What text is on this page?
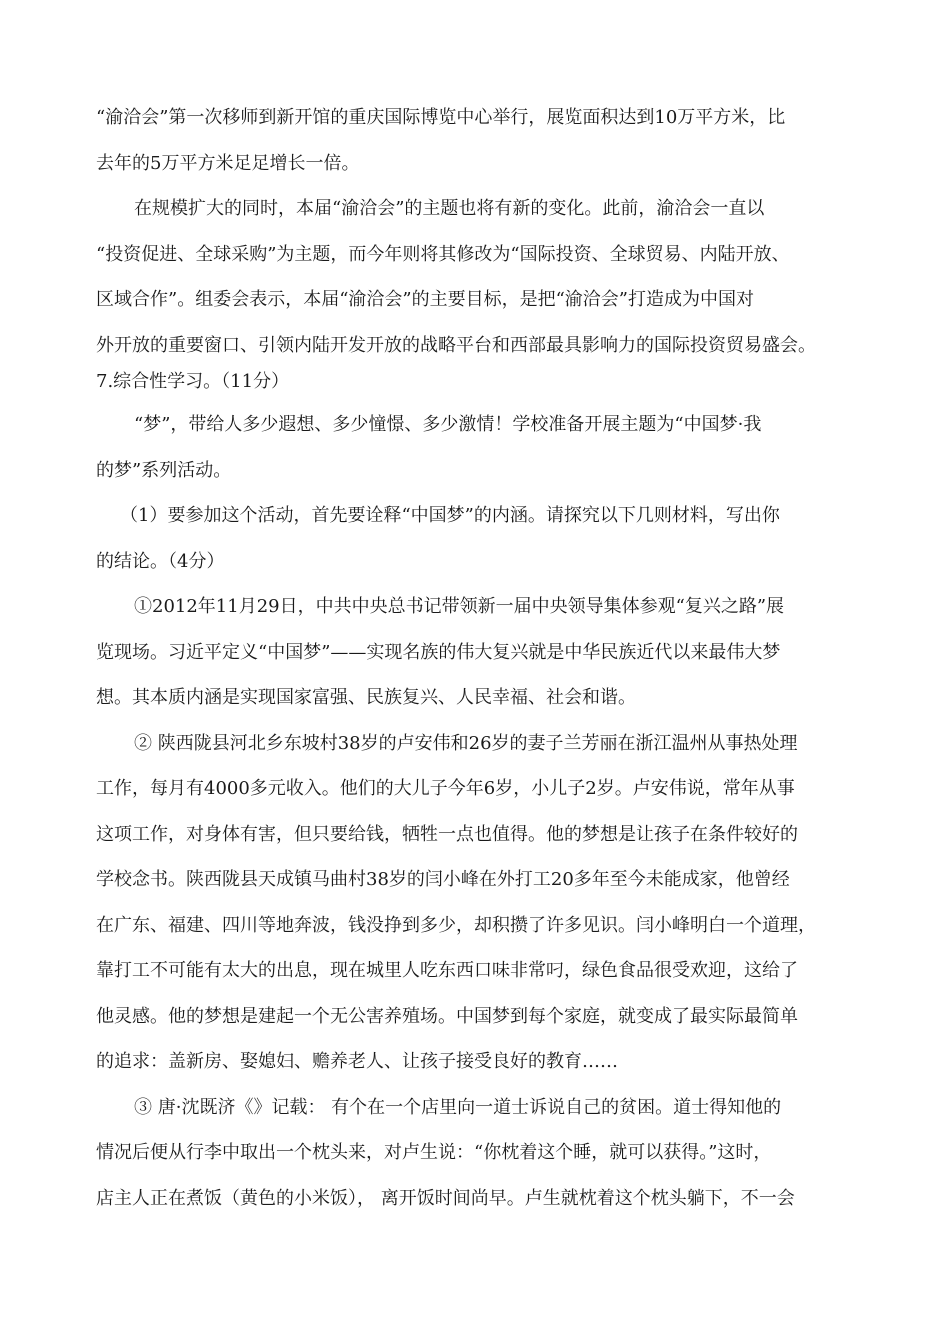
“渝洽会”第一次移师到新开馆的重庆国际博览中心举行，展览面积达到10万平方米，比
去年的5万平方米足足增长一倍。
在规模扩大的同时，本届“渝洽会”的主题也将有新的变化。此前，渝洽会一直以
“投资促进、全球采购”为主题，而今年则将其修改为“国际投资、全球贸易、内陆开放、
区域合作”。组委会表示，本届“渝洽会”的主要目标，是把“渝洽会”打造成为中国对
外开放的重要窗口、引领内陆开发开放的战略平台和西部最具影响力的国际投资贸易盛会。
7.综合性学习。（11分）
“梦”，带给人多少遐想、多少憧憬、多少激情！学校准备开展主题为“中国梦·我
的梦”系列活动。
（1）要参加这个活动，首先要诠释“中国梦”的内涵。请探究以下几则材料，写出你
的结论。（4分）
①2012年11月29日，中共中央总书记带领新一届中央领导集体参观“复兴之路”展
览现场。习近平定义“中国梦”——实现名族的伟大复兴就是中华民族近代以来最伟大梦
想。其本质内涵是实现国家富强、民族复兴、人民幸福、社会和谐。
② 陕西陇县河北乡东坡村38岁的卢安伟和26岁的妻子兰芳丽在浙江温州从事热处理
工作，每月有4000多元收入。他们的大儿子今年6岁，小儿子2岁。卢安伟说，常年从事
这项工作，对身体有害，但只要给钱，牺牲一点也值得。他的梦想是让孩子在条件较好的
学校念书。陕西陇县天成镇马曲村38岁的闫小峰在外打工20多年至今未能成家，他曾经
在广东、福建、四川等地奔波，钱没挣到多少，却积攒了许多见识。闫小峰明白一个道理，
靠打工不可能有太大的出息，现在城里人吃东西口味非常叼，绿色食品很受欢迎，这给了
他灵感。他的梦想是建起一个无公害养殖场。中国梦到每个家庭，就变成了最实际最简单
的追求：盖新房、娶媳妇、赡养老人、让孩子接受良好的教育……
③ 唐·沈既济《》记载： 有个在一个店里向一道士诉说自己的贫困。道士得知他的
情况后便从行李中取出一个枕头来，对卢生说：“你枕着这个睡，就可以获得。”这时，
店主人正在煮饭（黄色的小米饭）， 离开饭时间尚早。卢生就枕着这个枕头躺下，不一会
